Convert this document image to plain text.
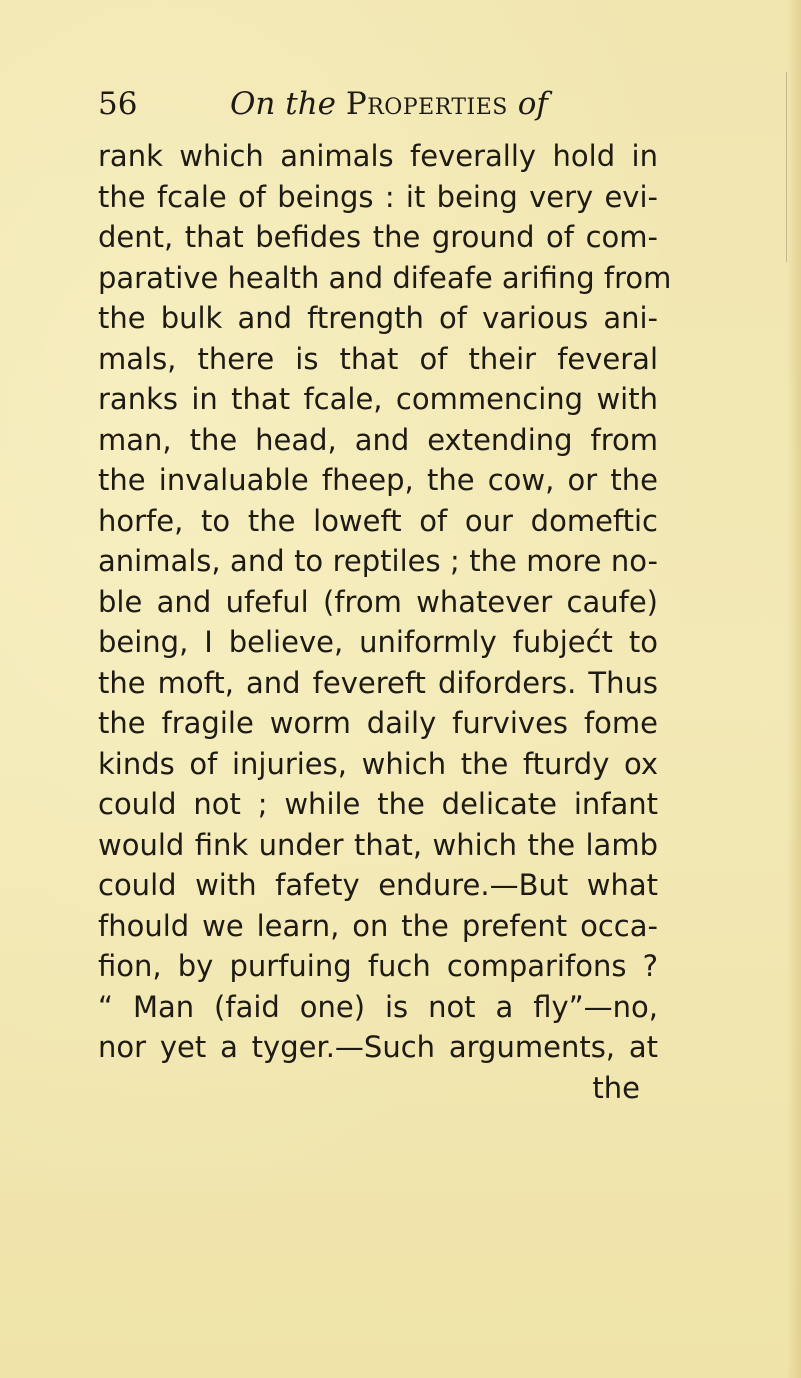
56	On the Properties of
rank which animals feverally hold in
the fcale of beings : it being very evi-
dent, that befides the ground of com-
parative health and difeafe arifing from
the bulk and ftrength of various ani-
mals, there is that of their feveral
ranks in that fcale, commencing with
man, the head, and extending from
the invaluable fheep, the cow, or the
horfe, to the loweft of our domeftic
animals, and to reptiles ; the more no-
ble and ufeful (from whatever caufe)
being, I believe, uniformly fubjećt to
the moft, and fevereft diforders. Thus
the fragile worm daily furvives fome
kinds of injuries, which the fturdy ox
could not ; while the delicate infant
would fink under that, which the lamb
could with fafety endure.—But what
fhould we learn, on the prefent occa-
fion, by purfuing fuch comparifons ?
“ Man (faid one) is not a fly”—no,
nor yet a tyger.—Such arguments, at
the
